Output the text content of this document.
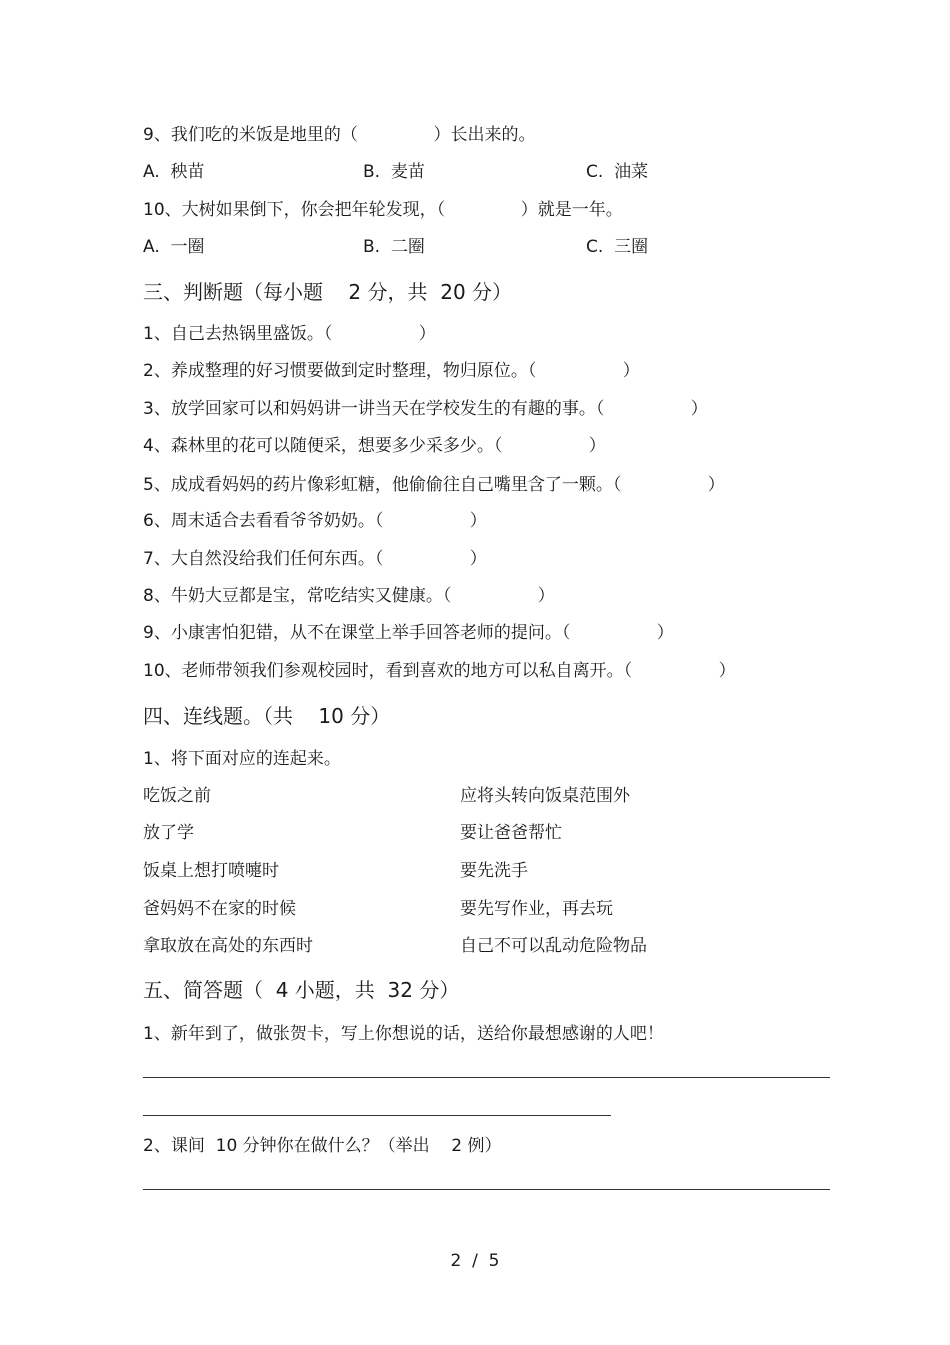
9、我们吃的米饭是地里的（              ）长出来的。
A.  秧苗	B.  麦苗	C.  油菜
10、大树如果倒下，你会把年轮发现，（              ）就是一年。
A.  一圈	B.  二圈	C.  三圈
三、判断题（每小题    2 分，共  20 分）
1、自己去热锅里盛饭。（                ）
2、养成整理的好习惯要做到定时整理，物归原位。（                ）
3、放学回家可以和妈妈讲一讲当天在学校发生的有趣的事。（                ）
4、森林里的花可以随便采，想要多少采多少。（                ）
5、成成看妈妈的药片像彩虹糖，他偷偷往自己嘴里含了一颗。（                ）
6、周末适合去看看爷爷奶奶。（                ）
7、大自然没给我们任何东西。（                ）
8、牛奶大豆都是宝，常吃结实又健康。（                ）
9、小康害怕犯错，从不在课堂上举手回答老师的提问。（                ）
10、老师带领我们参观校园时，看到喜欢的地方可以私自离开。（                ）
四、连线题。（共    10 分）
1、将下面对应的连起来。
吃饭之前	应将头转向饭桌范围外
放了学	要让爸爸帮忙
饭桌上想打喷嚏时	要先洗手
爸妈妈不在家的时候	要先写作业，再去玩
拿取放在高处的东西时	自己不可以乱动危险物品
五、简答题（  4 小题，共  32 分）
1、新年到了，做张贺卡，写上你想说的话，送给你最想感谢的人吧！
2、课间  10 分钟你在做什么？（举出    2 例）
2  /  5
